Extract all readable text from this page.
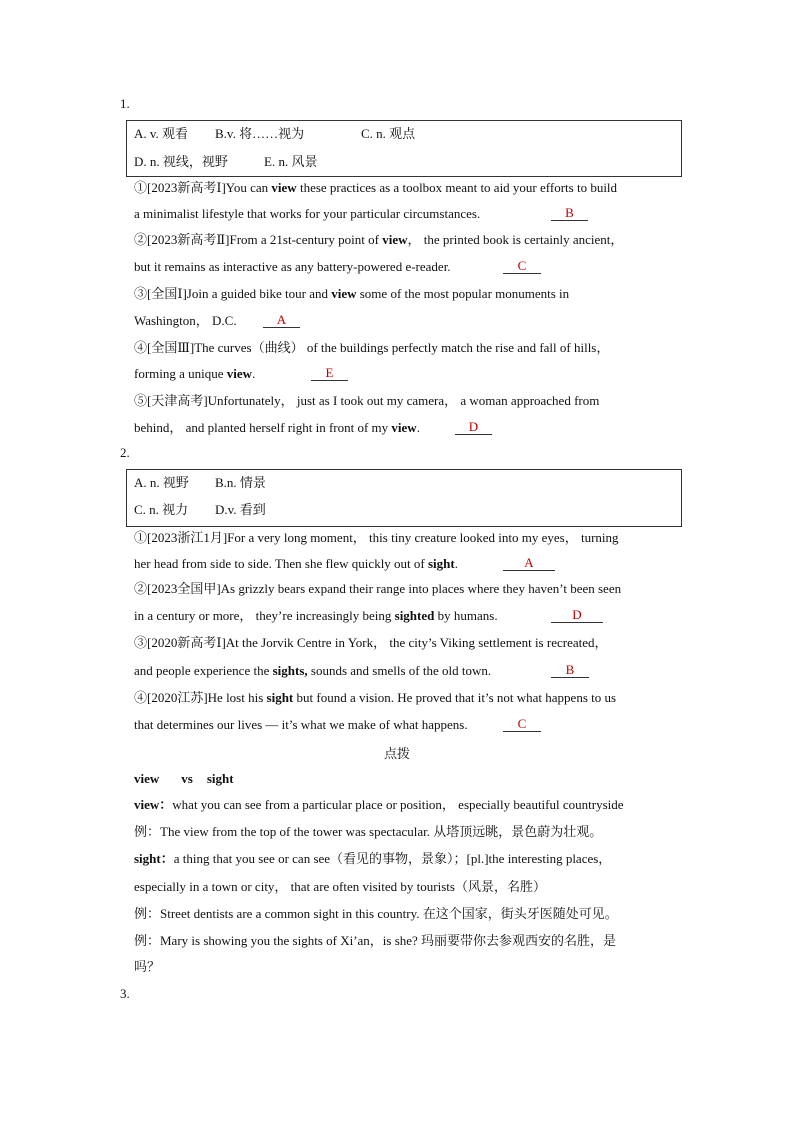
1.
A. v. 观看 B.v. 将……视为	C. n. 观点
D. n. 视线，视野	E. n. 风景
①[2023新高考Ⅰ]You can view these practices as a toolbox meant to aid your efforts to build
a minimalist lifestyle that works for your particular circumstances.	B
②[2023新高考Ⅱ]From a 21st-century point of view， the printed book is certainly ancient，
but it remains as interactive as any battery-powered e-reader.	C
③[全国Ⅰ]Join a guided bike tour and view some of the most popular monuments in
Washington， D.C.	A
④[全国Ⅲ]The curves（曲线） of the buildings perfectly match the rise and fall of hills，
forming a unique view.	E
⑤[天津高考]Unfortunately， just as I took out my camera， a woman approached from
behind， and planted herself right in front of my view.	D
2.
A. n. 视野 B.n. 情景
C. n. 视力 D.v. 看到
①[2023浙江1月]For a very long moment， this tiny creature looked into my eyes， turning
her head from side to side. Then she flew quickly out of sight.	A
②[2023全国甲]As grizzly bears expand their range into places where they haven’t been seen
in a century or more， they’re increasingly being sighted by humans.	D
③[2020新高考Ⅰ]At the Jorvik Centre in York， the city’s Viking settlement is recreated，
and people experience the sights, sounds and smells of the old town.	B
④[2020江苏]He lost his sight but found a vision. He proved that it’s not what happens to us
that determines our lives — it’s what we make of what happens.	C
点拨
view vs sight
view：what you can see from a particular place or position， especially beautiful countryside
例：The view from the top of the tower was spectacular. 从塔顶远眺，景色蔚为壮观。
sight：a thing that you see or can see（看见的事物，景象）；[pl.]the interesting places，
especially in a town or city， that are often visited by tourists（风景，名胜）
例：Street dentists are a common sight in this country. 在这个国家，街头牙医随处可见。
例：Mary is showing you the sights of Xi’an，is she? 玛丽要带你去参观西安的名胜，是
吗？
3.
